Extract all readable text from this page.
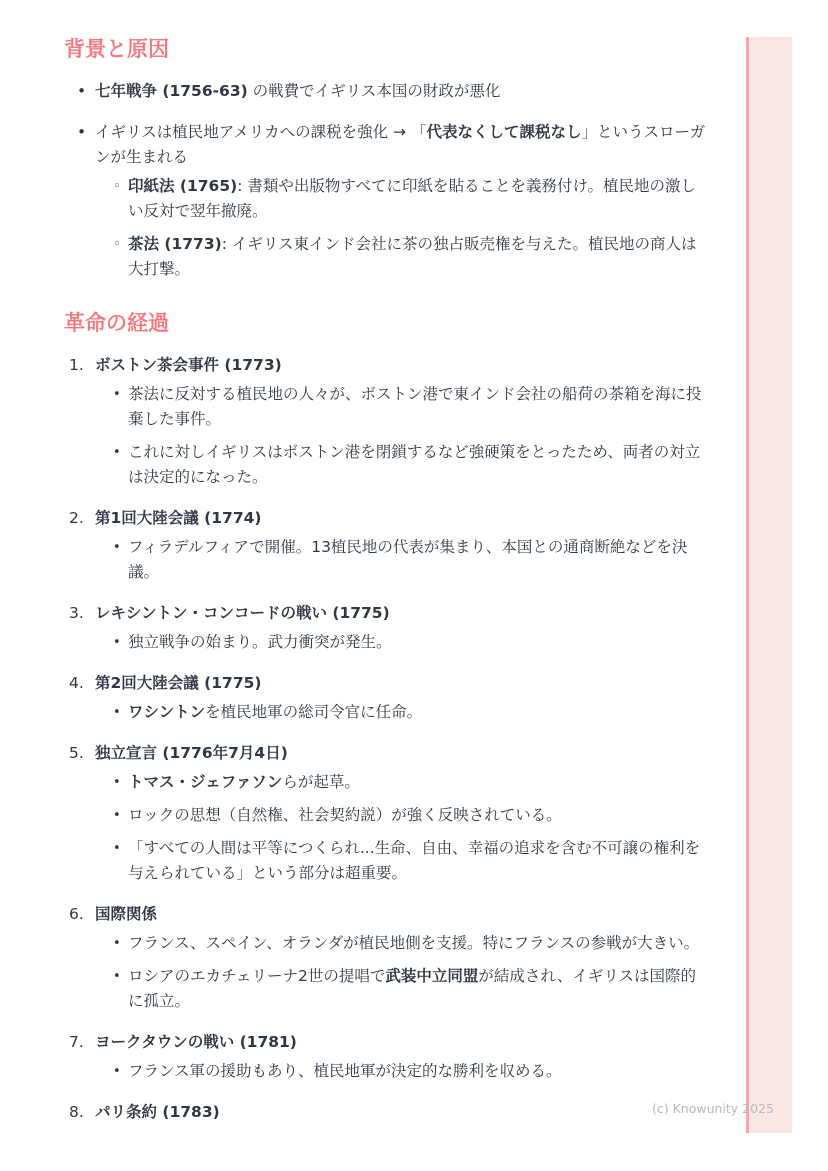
背景と原因
• 七年戦争 (1756-63) の戦費でイギリス本国の財政が悪化
• イギリスは植民地アメリカへの課税を強化 → 「代表なくして課税なし」というスローガンが生まれる
◦ 印紙法 (1765): 書類や出版物すべてに印紙を貼ることを義務付け。植民地の激しい反対で翌年撤廃。
◦ 茶法 (1773): イギリス東インド会社に茶の独占販売権を与えた。植民地の商人は大打撃。
革命の経過
1. ボストン茶会事件 (1773)
• 茶法に反対する植民地の人々が、ボストン港で東インド会社の船荷の茶箱を海に投棄した事件。
• これに対しイギリスはボストン港を閉鎖するなど強硬策をとったため、両者の対立は決定的になった。
2. 第1回大陸会議 (1774)
• フィラデルフィアで開催。13植民地の代表が集まり、本国との通商断絶などを決議。
3. レキシントン・コンコードの戦い (1775)
• 独立戦争の始まり。武力衝突が発生。
4. 第2回大陸会議 (1775)
• ワシントンを植民地軍の総司令官に任命。
5. 独立宣言 (1776年7月4日)
• トマス・ジェファソンらが起草。
• ロックの思想（自然権、社会契約説）が強く反映されている。
• 「すべての人間は平等につくられ...生命、自由、幸福の追求を含む不可譲の権利を与えられている」という部分は超重要。
6. 国際関係
• フランス、スペイン、オランダが植民地側を支援。特にフランスの参戦が大きい。
• ロシアのエカチェリーナ2世の提唱で武装中立同盟が結成され、イギリスは国際的に孤立。
7. ヨークタウンの戦い (1781)
• フランス軍の援助もあり、植民地軍が決定的な勝利を収める。
8. パリ条約 (1783)	(c) Knowunity 2025
